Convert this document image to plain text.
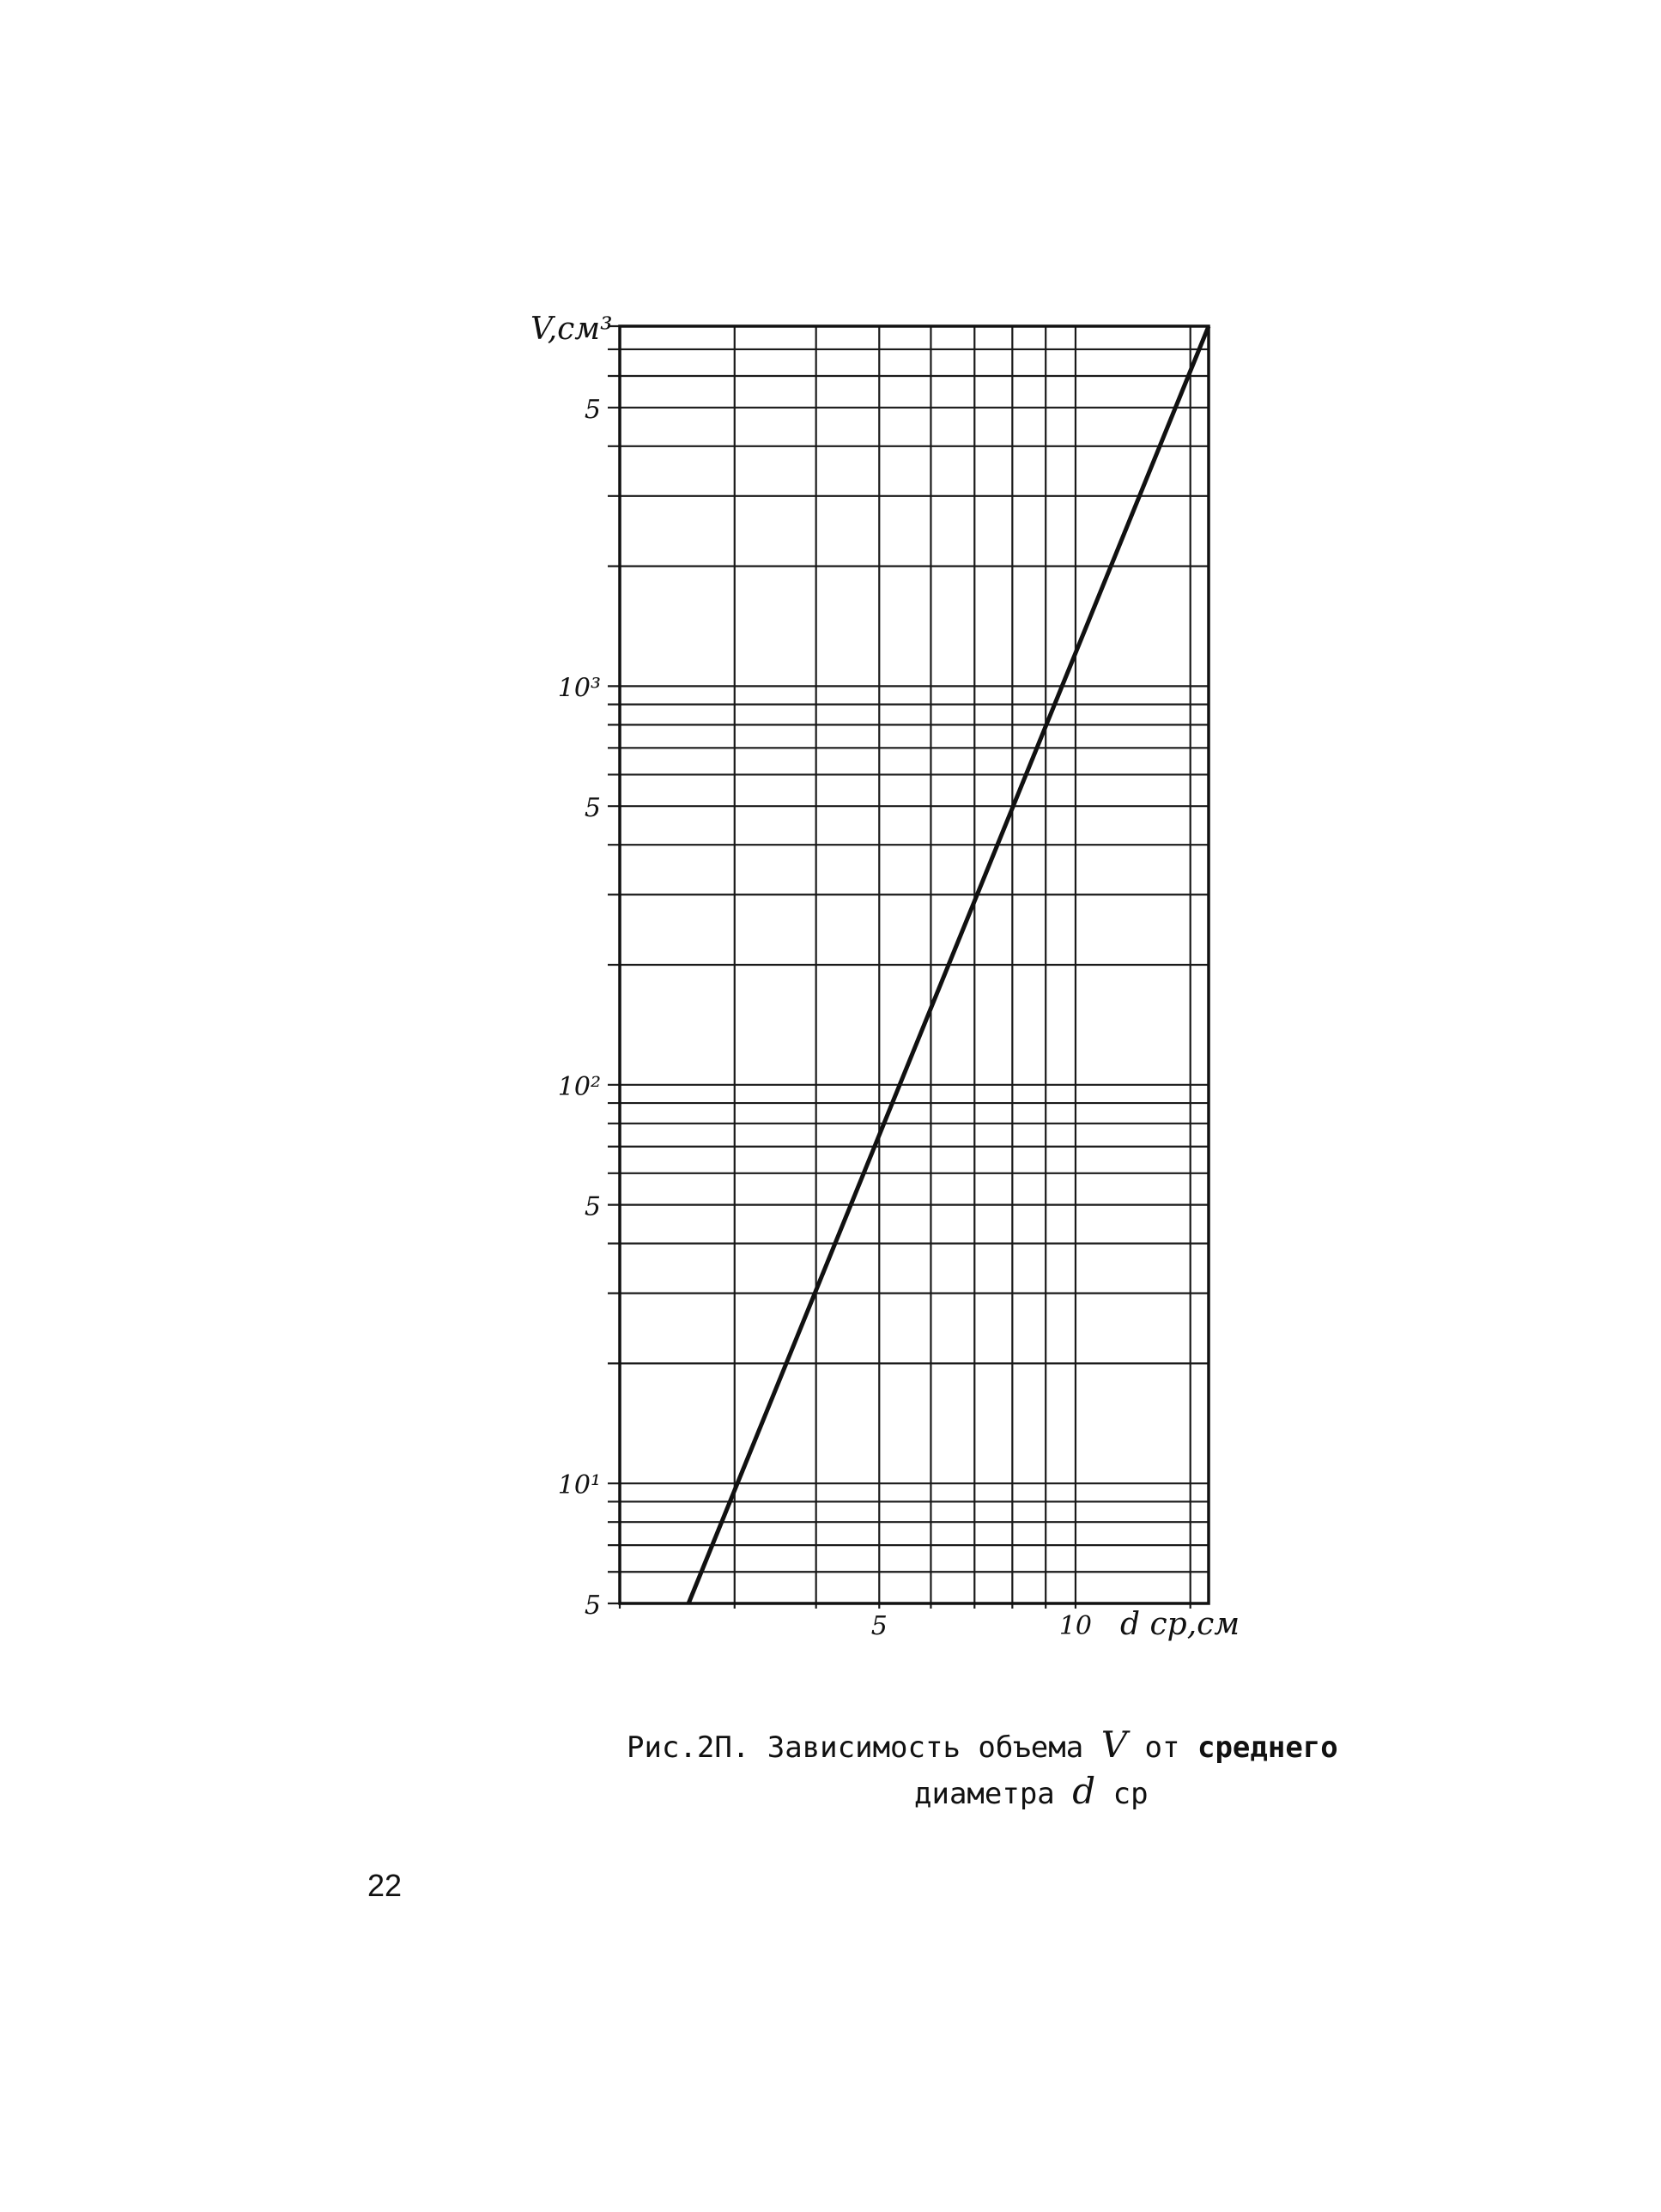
5
10¹
5
10²
5
10³
5
5	10
V,см³
d ср,см
Рис.2П. Зависимость объема V от среднего
диаметра d ср
22
